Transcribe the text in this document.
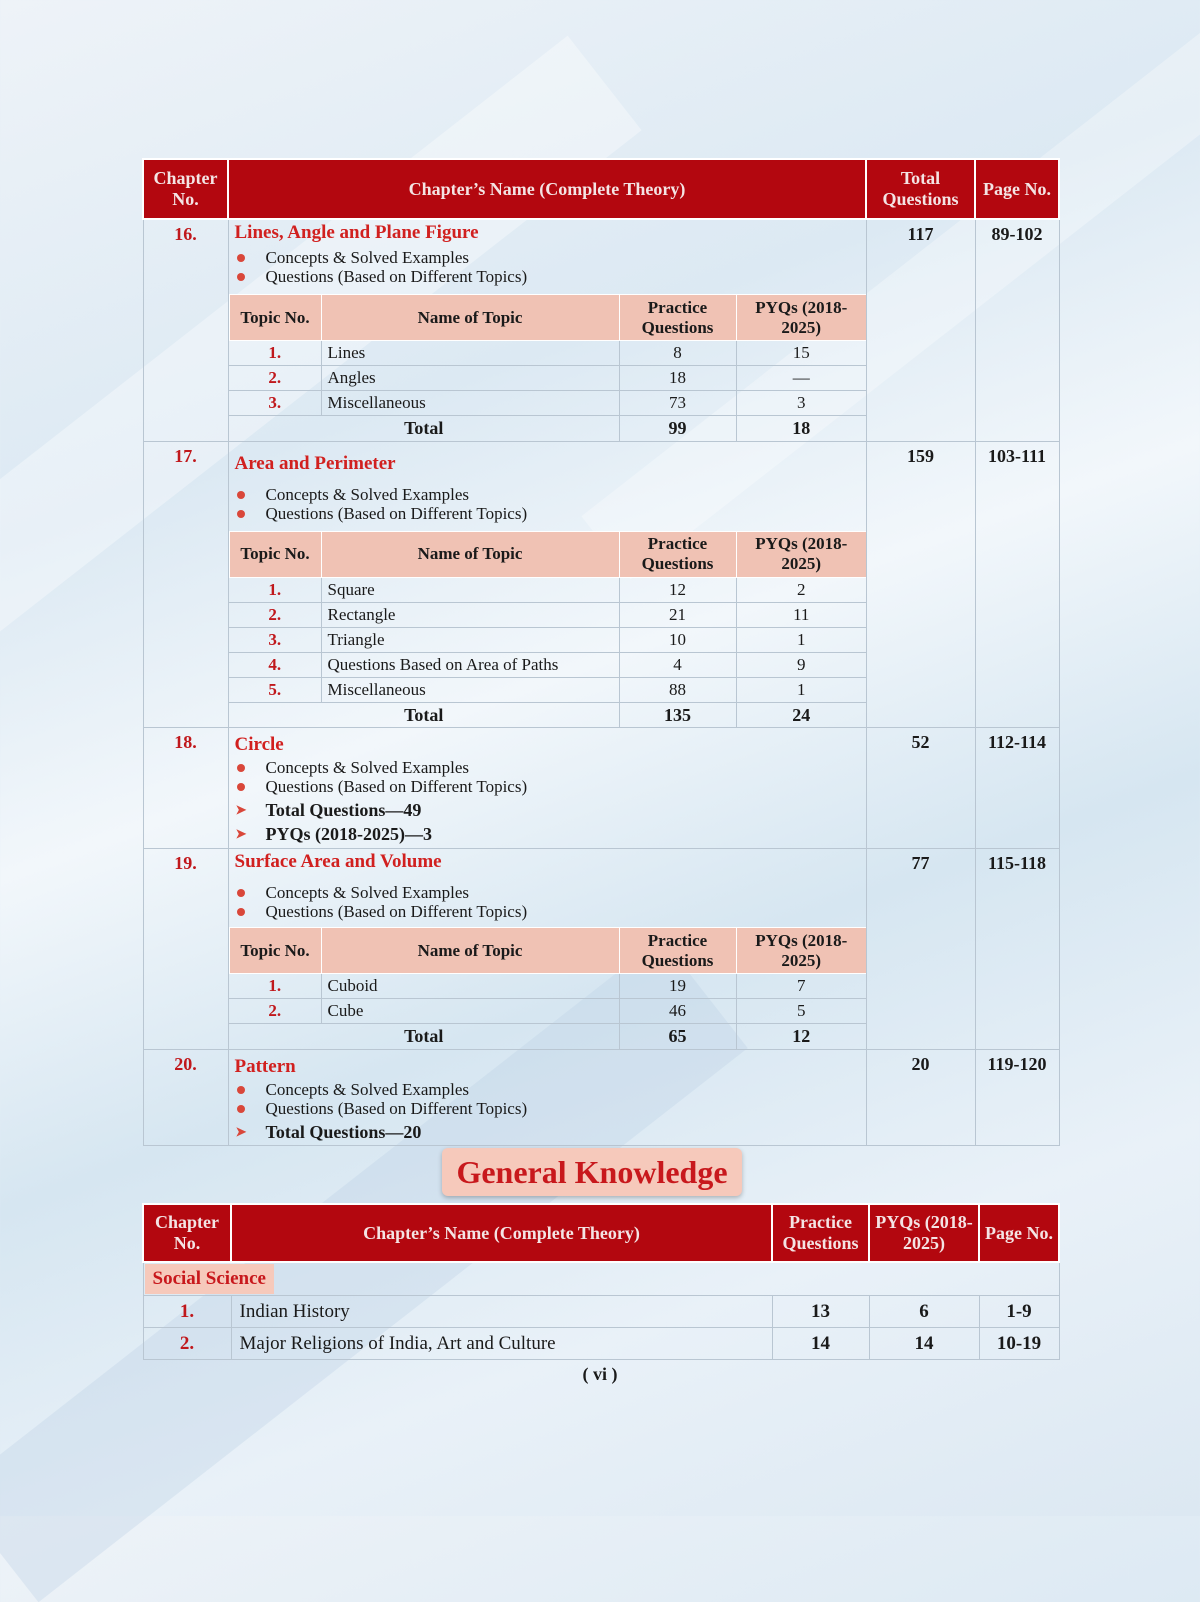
Chapter No.	Chapter’s Name (Complete Theory)	Total Questions	Page No.
16.	Lines, Angle and Plane Figure
Concepts & Solved Examples
Questions (Based on Different Topics)
Topic No.	Name of Topic	Practice Questions	PYQs (2018-2025)
1.	Lines	8	15
2.	Angles	18	—
3.	Miscellaneous	73	3
Total	99	18
	117	89-102
17.	Area and Perimeter
Concepts & Solved Examples
Questions (Based on Different Topics)
Topic No.	Name of Topic	Practice Questions	PYQs (2018-2025)
1.	Square	12	2
2.	Rectangle	21	11
3.	Triangle	10	1
4.	Questions Based on Area of Paths	4	9
5.	Miscellaneous	88	1
Total	135	24
	159	103-111
18.	Circle
Concepts & Solved Examples
Questions (Based on Different Topics)
➤ Total Questions—49
➤ PYQs (2018-2025)—3
	52	112-114
19.	Surface Area and Volume
Concepts & Solved Examples
Questions (Based on Different Topics)
Topic No.	Name of Topic	Practice Questions	PYQs (2018-2025)
1.	Cuboid	19	7
2.	Cube	46	5
Total	65	12
	77	115-118
20.	Pattern
Concepts & Solved Examples
Questions (Based on Different Topics)
➤ Total Questions—20
	20	119-120
General Knowledge
Chapter No.	Chapter’s Name (Complete Theory)	Practice Questions	PYQs (2018-2025)	Page No.
Social Science				
1.	Indian History	13	6	1-9
2.	Major Religions of India, Art and Culture	14	14	10-19
( vi )
